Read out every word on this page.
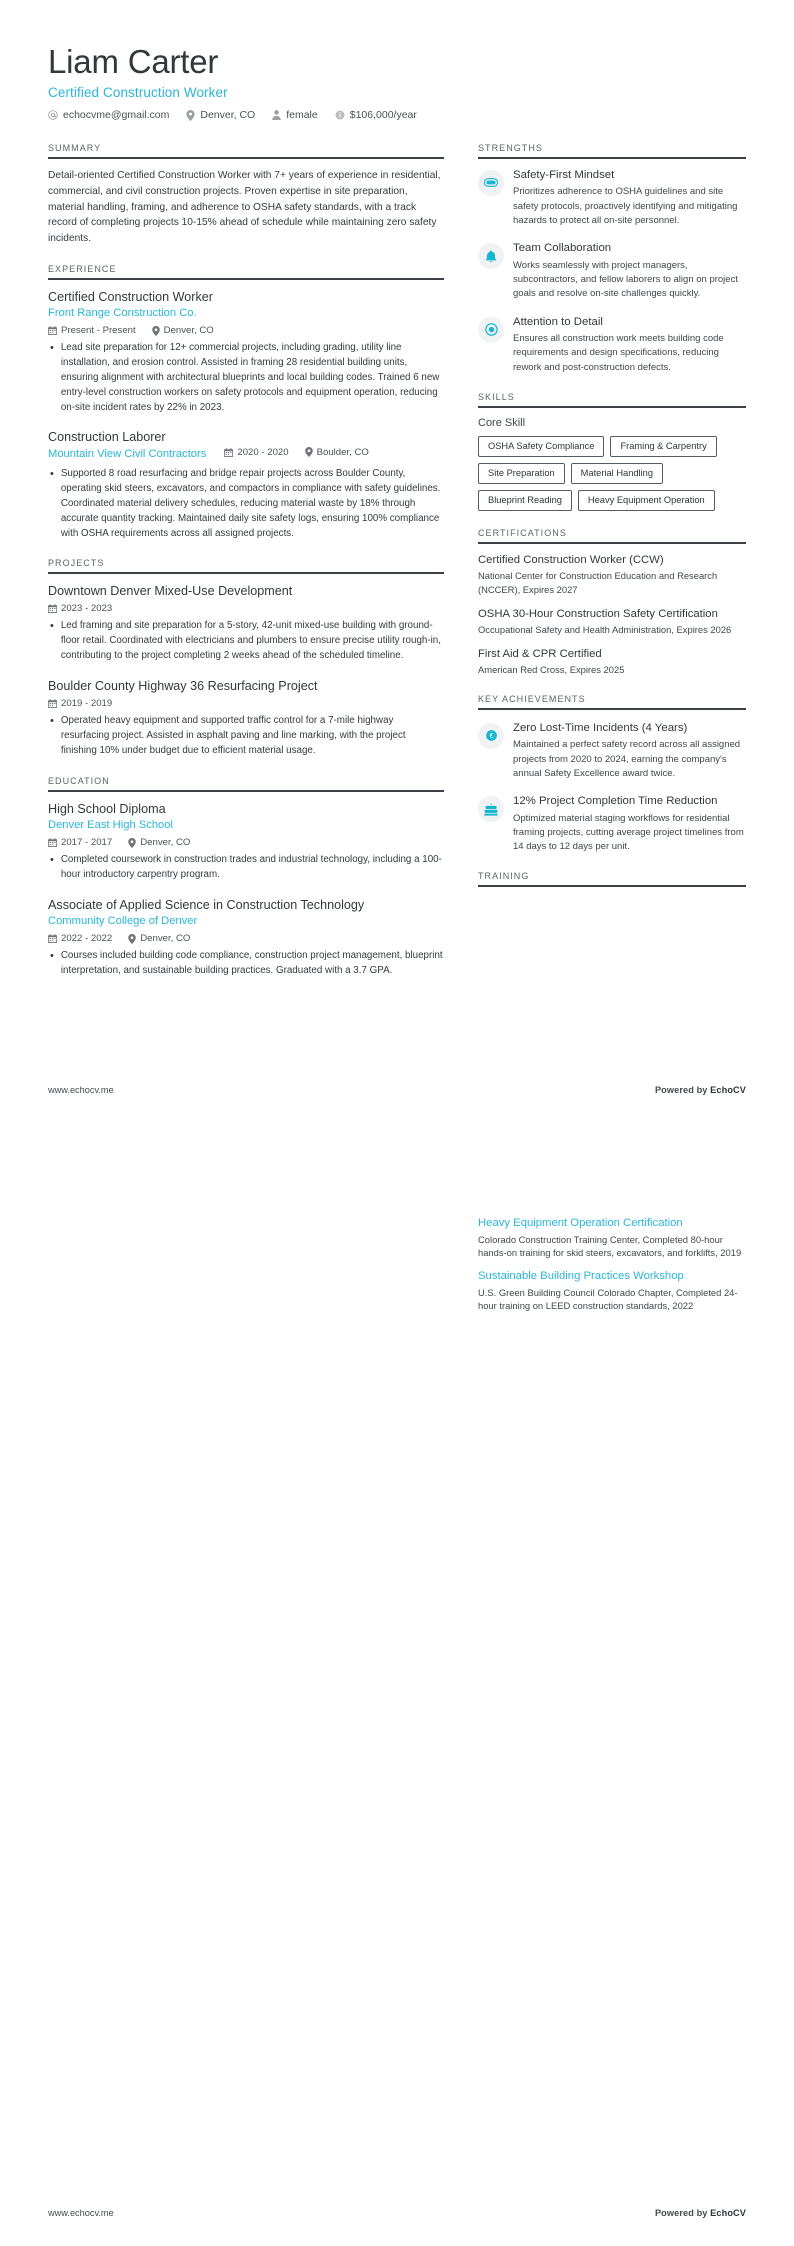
Liam Carter
Certified Construction Worker
echocvme@gmail.com	Denver, CO	female	$106,000/year
SUMMARY
Detail-oriented Certified Construction Worker with 7+ years of experience in residential, commercial, and civil construction projects. Proven expertise in site preparation, material handling, framing, and adherence to OSHA safety standards, with a track record of completing projects 10-15% ahead of schedule while maintaining zero safety incidents.
EXPERIENCE
Certified Construction Worker
Front Range Construction Co.
Present - Present	Denver, CO
• Lead site preparation for 12+ commercial projects, including grading, utility line installation, and erosion control. Assisted in framing 28 residential building units, ensuring alignment with architectural blueprints and local building codes. Trained 6 new entry-level construction workers on safety protocols and equipment operation, reducing on-site incident rates by 22% in 2023.
Construction Laborer
Mountain View Civil Contractors	2020 - 2020	Boulder, CO
• Supported 8 road resurfacing and bridge repair projects across Boulder County, operating skid steers, excavators, and compactors in compliance with safety guidelines. Coordinated material delivery schedules, reducing material waste by 18% through accurate quantity tracking. Maintained daily site safety logs, ensuring 100% compliance with OSHA requirements across all assigned projects.
PROJECTS
Downtown Denver Mixed-Use Development
2023 - 2023
• Led framing and site preparation for a 5-story, 42-unit mixed-use building with ground-floor retail. Coordinated with electricians and plumbers to ensure precise utility rough-in, contributing to the project completing 2 weeks ahead of the scheduled timeline.
Boulder County Highway 36 Resurfacing Project
2019 - 2019
• Operated heavy equipment and supported traffic control for a 7-mile highway resurfacing project. Assisted in asphalt paving and line marking, with the project finishing 10% under budget due to efficient material usage.
EDUCATION
High School Diploma
Denver East High School
2017 - 2017	Denver, CO
• Completed coursework in construction trades and industrial technology, including a 100-hour introductory carpentry program.
Associate of Applied Science in Construction Technology
Community College of Denver
2022 - 2022	Denver, CO
• Courses included building code compliance, construction project management, blueprint interpretation, and sustainable building practices. Graduated with a 3.7 GPA.
STRENGTHS
Safety-First Mindset
Prioritizes adherence to OSHA guidelines and site safety protocols, proactively identifying and mitigating hazards to protect all on-site personnel.
Team Collaboration
Works seamlessly with project managers, subcontractors, and fellow laborers to align on project goals and resolve on-site challenges quickly.
Attention to Detail
Ensures all construction work meets building code requirements and design specifications, reducing rework and post-construction defects.
SKILLS
Core Skill
OSHA Safety Compliance	Framing & Carpentry
Site Preparation	Material Handling
Blueprint Reading	Heavy Equipment Operation
CERTIFICATIONS
Certified Construction Worker (CCW)
National Center for Construction Education and Research (NCCER), Expires 2027
OSHA 30-Hour Construction Safety Certification
Occupational Safety and Health Administration, Expires 2026
First Aid & CPR Certified
American Red Cross, Expires 2025
KEY ACHIEVEMENTS
€
Zero Lost-Time Incidents (4 Years)
Maintained a perfect safety record across all assigned projects from 2020 to 2024, earning the company's annual Safety Excellence award twice.
12% Project Completion Time Reduction
Optimized material staging workflows for residential framing projects, cutting average project timelines from 14 days to 12 days per unit.
TRAINING
www.echocv.me	Powered by EchoCV
Heavy Equipment Operation Certification
Colorado Construction Training Center, Completed 80-hour hands-on training for skid steers, excavators, and forklifts, 2019
Sustainable Building Practices Workshop
U.S. Green Building Council Colorado Chapter, Completed 24-hour training on LEED construction standards, 2022
www.echocv.me	Powered by EchoCV
